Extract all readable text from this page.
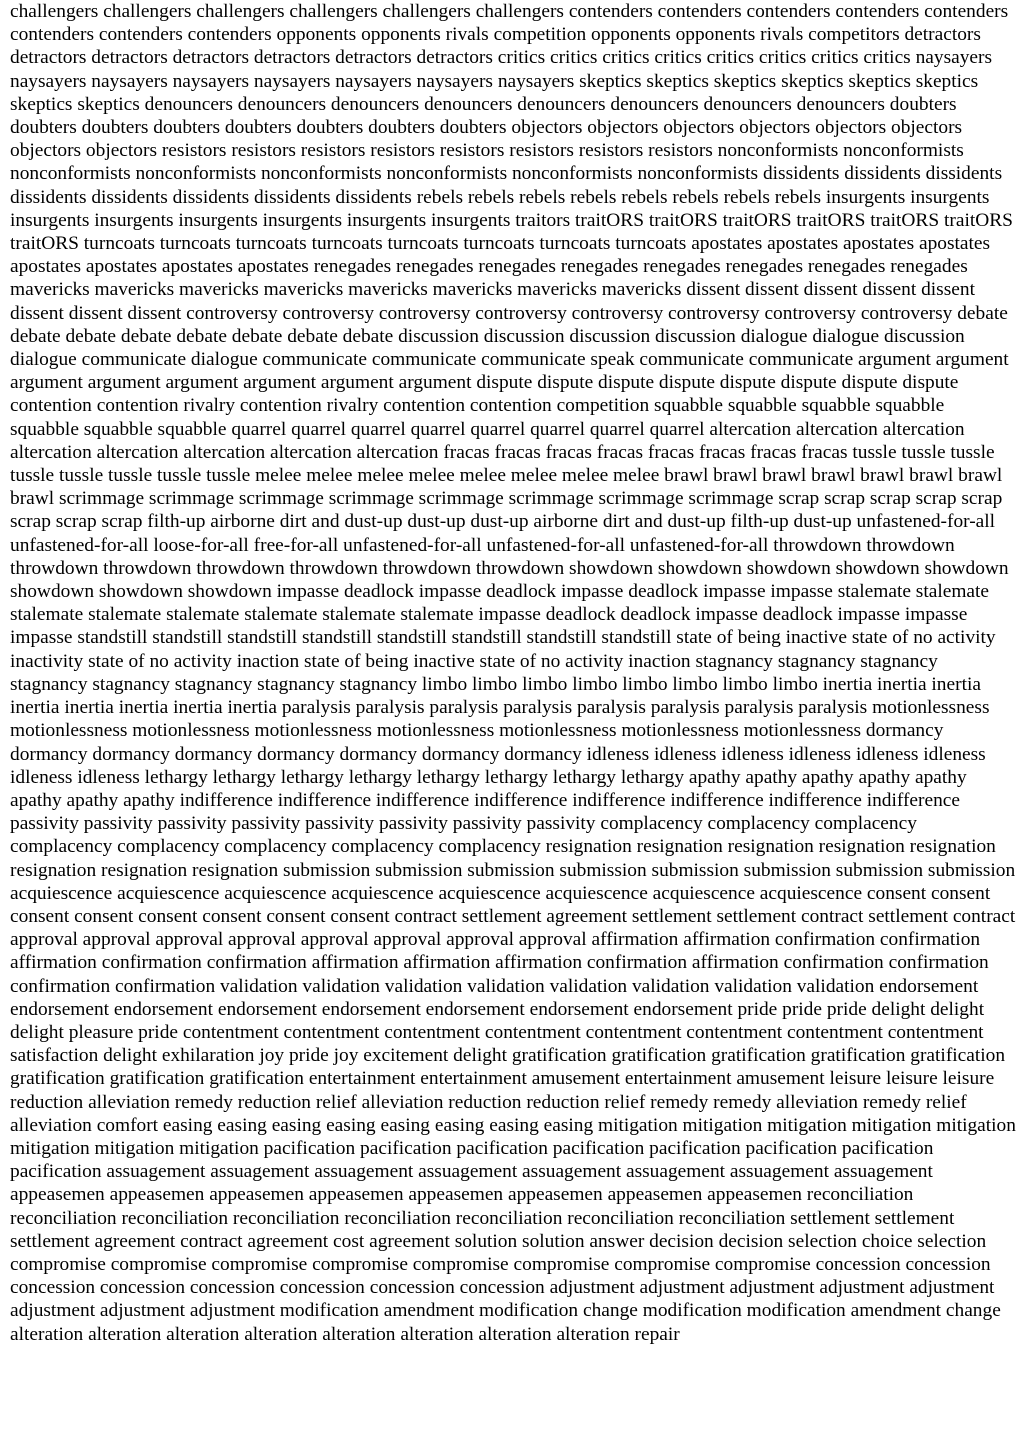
challengers challengers challengers challengers challengers challengers contenders contenders contenders contenders contenders contenders contenders contenders opponents opponents rivals competition opponents opponents rivals competitors detractors detractors detractors detractors detractors detractors detractors critics critics critics critics critics critics critics critics naysayers naysayers naysayers naysayers naysayers naysayers naysayers naysayers skeptics skeptics skeptics skeptics skeptics skeptics skeptics skeptics denouncers denouncers denouncers denouncers denouncers denouncers denouncers denouncers doubters doubters doubters doubters doubters doubters doubters doubters objectors objectors objectors objectors objectors objectors objectors objectors resistors resistors resistors resistors resistors resistors resistors resistors nonconformists nonconformists nonconformists nonconformists nonconformists nonconformists nonconformists nonconformists dissidents dissidents dissidents dissidents dissidents dissidents dissidents dissidents rebels rebels rebels rebels rebels rebels rebels rebels insurgents insurgents insurgents insurgents insurgents insurgents insurgents insurgents traitors traitORS traitORS traitORS traitORS traitORS traitORS traitORS turncoats turncoats turncoats turncoats turncoats turncoats turncoats turncoats apostates apostates apostates apostates apostates apostates apostates apostates renegades renegades renegades renegades renegades renegades renegades renegades mavericks mavericks mavericks mavericks mavericks mavericks mavericks mavericks dissent dissent dissent dissent dissent dissent dissent dissent controversy controversy controversy controversy controversy controversy controversy controversy debate debate debate debate debate debate debate debate discussion discussion discussion discussion dialogue dialogue discussion dialogue communicate dialogue communicate communicate communicate speak communicate communicate argument argument argument argument argument argument argument argument dispute dispute dispute dispute dispute dispute dispute dispute contention contention rivalry contention rivalry contention contention competition squabble squabble squabble squabble squabble squabble squabble quarrel quarrel quarrel quarrel quarrel quarrel quarrel quarrel altercation altercation altercation altercation altercation altercation altercation altercation fracas fracas fracas fracas fracas fracas fracas fracas tussle tussle tussle tussle tussle tussle tussle tussle melee melee melee melee melee melee melee melee brawl brawl brawl brawl brawl brawl brawl brawl scrimmage scrimmage scrimmage scrimmage scrimmage scrimmage scrimmage scrimmage scrap scrap scrap scrap scrap scrap scrap scrap filth-up airborne dirt and dust-up dust-up dust-up airborne dirt and dust-up filth-up dust-up unfastened-for-all unfastened-for-all loose-for-all free-for-all unfastened-for-all unfastened-for-all unfastened-for-all throwdown throwdown throwdown throwdown throwdown throwdown throwdown throwdown showdown showdown showdown showdown showdown showdown showdown showdown impasse deadlock impasse deadlock impasse deadlock impasse impasse stalemate stalemate stalemate stalemate stalemate stalemate stalemate stalemate impasse deadlock deadlock impasse deadlock impasse impasse impasse standstill standstill standstill standstill standstill standstill standstill standstill state of being inactive state of no activity inactivity state of no activity inaction state of being inactive state of no activity inaction stagnancy stagnancy stagnancy stagnancy stagnancy stagnancy stagnancy stagnancy limbo limbo limbo limbo limbo limbo limbo limbo inertia inertia inertia inertia inertia inertia inertia inertia paralysis paralysis paralysis paralysis paralysis paralysis paralysis paralysis motionlessness motionlessness motionlessness motionlessness motionlessness motionlessness motionlessness motionlessness dormancy dormancy dormancy dormancy dormancy dormancy dormancy dormancy idleness idleness idleness idleness idleness idleness idleness idleness lethargy lethargy lethargy lethargy lethargy lethargy lethargy lethargy apathy apathy apathy apathy apathy apathy apathy apathy indifference indifference indifference indifference indifference indifference indifference indifference passivity passivity passivity passivity passivity passivity passivity passivity complacency complacency complacency complacency complacency complacency complacency complacency resignation resignation resignation resignation resignation resignation resignation resignation submission submission submission submission submission submission submission submission acquiescence acquiescence acquiescence acquiescence acquiescence acquiescence acquiescence acquiescence consent consent consent consent consent consent consent consent contract settlement agreement settlement settlement contract settlement contract approval approval approval approval approval approval approval approval affirmation affirmation confirmation confirmation affirmation confirmation confirmation affirmation affirmation affirmation confirmation affirmation confirmation confirmation confirmation confirmation validation validation validation validation validation validation validation validation endorsement endorsement endorsement endorsement endorsement endorsement endorsement endorsement pride pride pride delight delight delight pleasure pride contentment contentment contentment contentment contentment contentment contentment contentment satisfaction delight exhilaration joy pride joy excitement delight gratification gratification gratification gratification gratification gratification gratification gratification entertainment entertainment amusement entertainment amusement leisure leisure leisure reduction alleviation remedy reduction relief alleviation reduction reduction relief remedy remedy alleviation remedy relief alleviation comfort easing easing easing easing easing easing easing easing mitigation mitigation mitigation mitigation mitigation mitigation mitigation mitigation pacification pacification pacification pacification pacification pacification pacification pacification assuagement assuagement assuagement assuagement assuagement assuagement assuagement assuagement appeasemen appeasemen appeasemen appeasemen appeasemen appeasemen appeasemen appeasemen reconciliation reconciliation reconciliation reconciliation reconciliation reconciliation reconciliation reconciliation settlement settlement settlement agreement contract agreement cost agreement solution solution answer decision decision selection choice selection compromise compromise compromise compromise compromise compromise compromise compromise concession concession concession concession concession concession concession concession adjustment adjustment adjustment adjustment adjustment adjustment adjustment adjustment modification amendment modification change modification modification amendment change alteration alteration alteration alteration alteration alteration alteration alteration repair
